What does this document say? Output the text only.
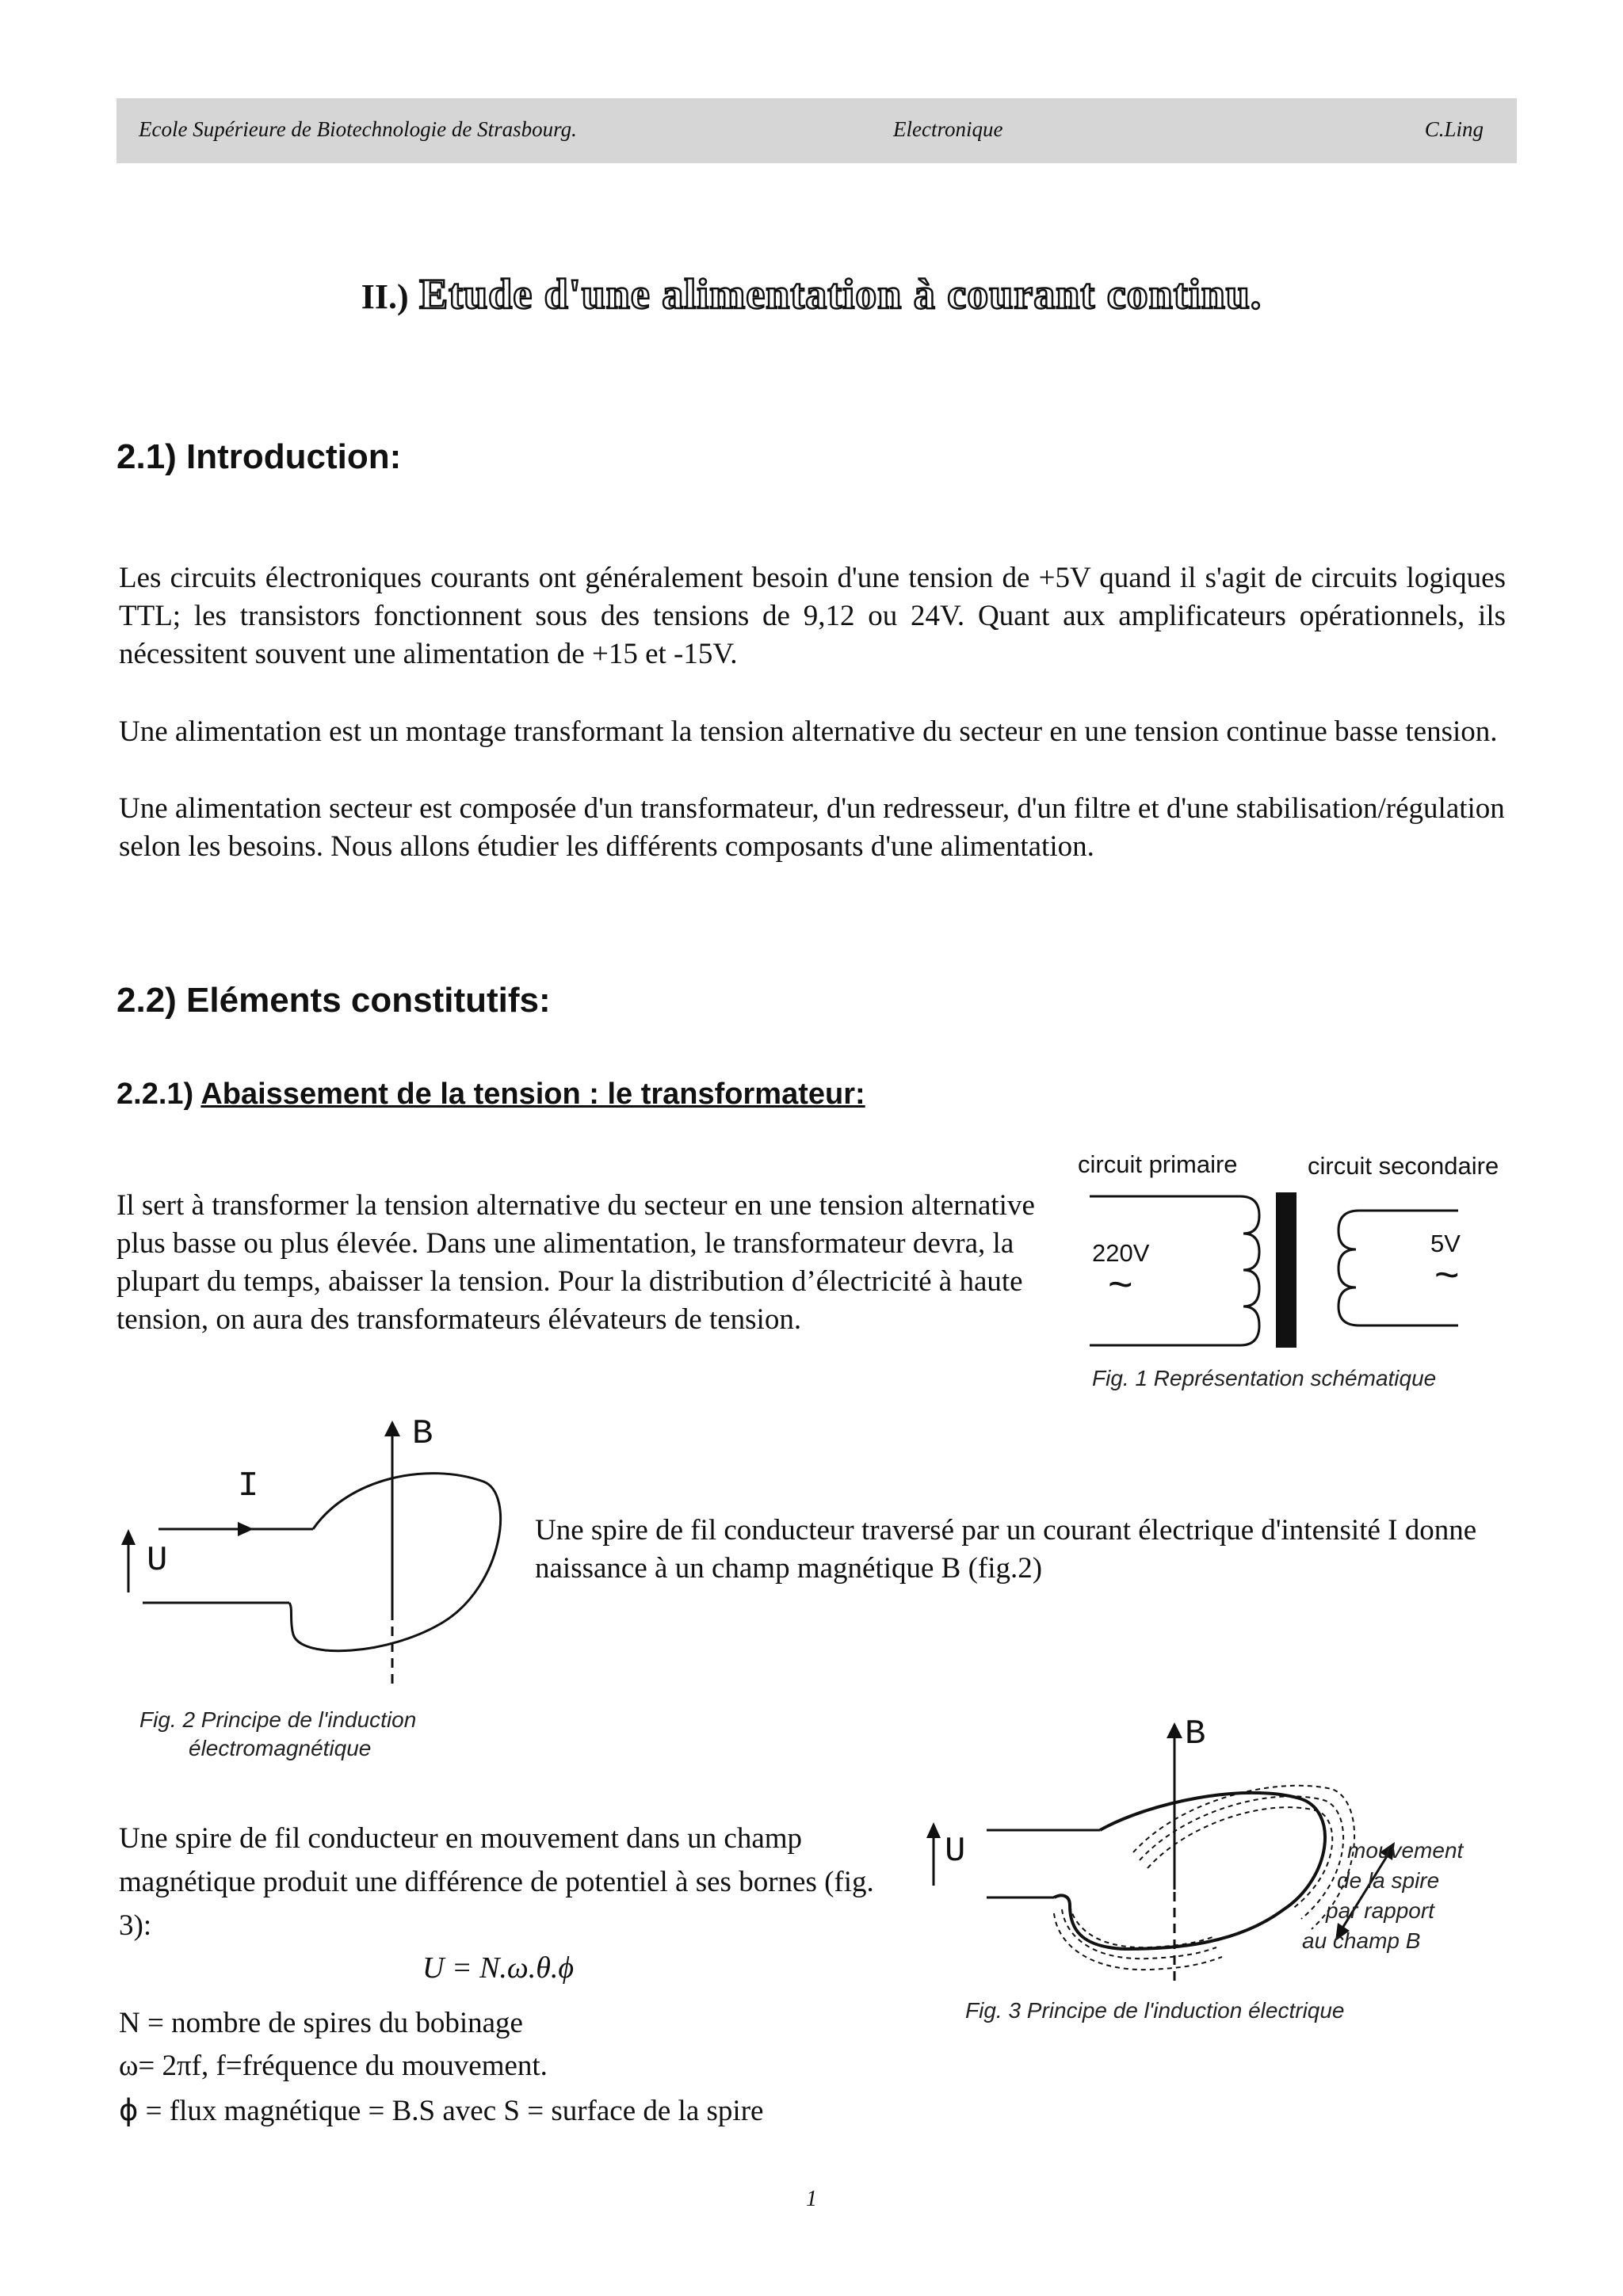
Ecole Supérieure de Biotechnologie de Strasbourg.	Electronique	C.Ling
II.) Etude d'une alimentation à courant continu.
2.1) Introduction:

Les circuits électroniques courants ont généralement besoin d'une tension de +5V quand il s'agit de circuits logiques TTL; les transistors fonctionnent sous des tensions de 9,12 ou 24V. Quant aux amplificateurs opérationnels, ils nécessitent souvent une alimentation de +15 et -15V.

Une alimentation est un montage transformant la tension alternative du secteur en une tension continue basse tension.

Une alimentation secteur est composée d'un transformateur, d'un redresseur, d'un filtre et d'une stabilisation/régulation selon les besoins. Nous allons étudier les différents composants d'une alimentation.

2.2) Eléments constitutifs:
2.2.1) Abaissement de la tension : le transformateur:

Il sert à transformer la tension alternative du secteur en une tension alternative plus basse ou plus élevée. Dans une alimentation, le transformateur devra, la plupart du temps, abaisser la tension. Pour la distribution d’électricité à haute tension, on aura des transformateurs élévateurs de tension.

circuit primaire	circuit secondaire
220V
~
5V
~
Fig. 1 Représentation schématique
B
I
U
Fig. 2 Principe de l'induction
électromagnétique

Une spire de fil conducteur traversé par un courant électrique d'intensité I donne naissance à un champ magnétique B (fig.2)

B
U	mouvement
de la spire
par rapport
au champ B
Fig. 3 Principe de l'induction électrique

Une spire de fil conducteur en mouvement dans un champ magnétique produit une différence de potentiel à ses bornes (fig. 3):

U = N.ω.θ.ϕ
N = nombre de spires du bobinage
ω= 2πf, f=fréquence du mouvement.
ϕ = flux magnétique = B.S avec S = surface de la spire
1
